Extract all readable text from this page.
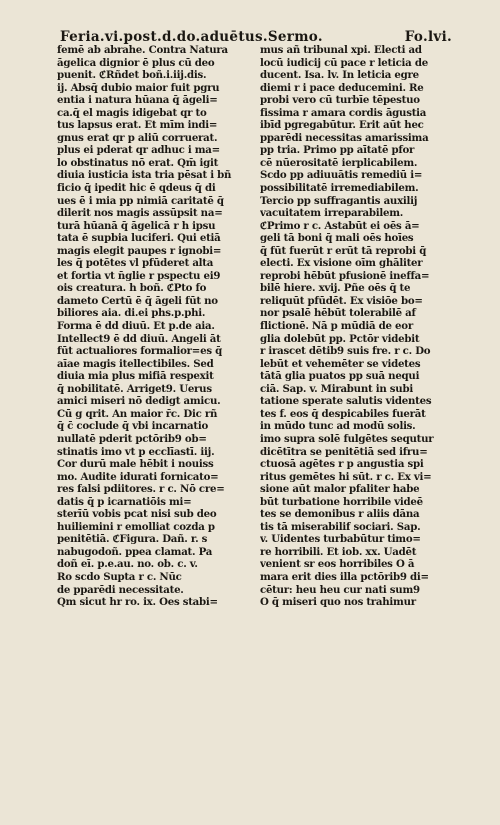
Feria.vi.post.d.do.aduētus.Sermo.	Fo.lvi.
femē ab abrahe. Contra Natura
āgelica dignior ē plus cū deo
puenit. ℭRñdet boñ.i.iij.dis.
ij. Absq̄ dubio maior fuit pgru
entia i natura hūana q̄ āgeli=
ca.q̄ el magis idigebat qr to
tus lapsus erat. Et mīm indi=
gnus erat qr p aliū corruerat.
plus ei pderat qr adhuc i ma=
lo obstinatus nō erat. Qm̄ igit
diuia iusticia ista tria pēsat i bñ
ficio q̄ ipedit hic ē qdeus q̄ di
ues ē i mia pp nimiā caritatē q̄
dilerit nos magis assūpsit na=
turā hūanā q̄ āgelicā r h ipsu
tata ē supbia luciferi. Qui etiā
magis elegit paupes r ignobi=
les q̄ potētes vl pfūderet alta
et fortia vt n̄glie r pspectu ei9
ois creatura. h boñ. ℭPto fo
dameto Certū ē q̄ āgeli fūt no
biliores aia. di.ei phs.p.phi.
Forma ē dd diuū. Et p.de aia.
Intellect9 ē dd diuū. Angeli āt
fūt actualiores formalior=es q̄
aīae magis itellectibiles. Sed
diuia mia plus mifiā respexit
q̄ nobilitatē. Arriget9. Uerus
amici miseri nō dedigt amicu.
Cū g qrit. An maior r̄c. Dic rñ
q̄ c̄ coclude q̄ vbi incarnatio
nullatē pderit pctōrib9 ob=
stinatis imo vt p ecclīastī. iij.
Cor durū male hēbit i nouiss
mo. Audite idurati fornicato=
res falsi pdiitores. r c. Nō cre=
datis q̄ p icarnatiōis mi=
sterīū vobis pcat nisi sub deo
huiliemini r emolliat cozda p
penitētiā. ℭFigura. Dañ. r. s
nabugodoñ. ppea clamat. Pa
doñ eī. p.e.au. no. ob. c. v.
Ro scdo Supta r c. Nūc
de pparēdi necessitate.
Qm sicut hr ro. ix. Oes stabi=
mus añ tribunal xpi. Electi ad
locū iudicij cū pace r leticia de
ducent. Isa. lv. In leticia egre
diemi r i pace deducemini. Re
probi vero cū turbīe tēpestuo
fissima r amara cordis āgustia
ibīd pgregabūtur. Erit aūt hec
pparēdi necessitas amarissima
pp tria. Primo pp aītatē pfor
cē nūerositatē ierplicabilem.
Scdo pp adiuuātis remediū i=
possibilitatē irremediabilem.
Tercio pp suffragantis auxilij
vacuitatem irreparabilem.
ℭPrimo r c. Astabūt ei oēs ā=
geli tā boni q̄ mali oēs hoīes
q̄ fūt fuerūt r erūt tā reprobi q̄
electi. Ex visione oīm ghāliter
reprobi hēbūt pfusionē ineffa=
bilē hiere. xvij. Pñe oēs q̄ te
reliquūt pfūdēt. Ex visiōe bo=
nor psalē hēbūt tolerabilē af
flictionē. Nā p mūdiā de eor
glia dolebūt pp. Pctōr videbit
r irascet dētib9 suis fre. r c. Do
lebūt et vehemēter se videtes
tātā glia puatos pp suā nequi
ciā. Sap. v. Mirabunt in subi
tatione sperate salutis videntes
tes f. eos q̄ despicabiles fuerāt
in mūdo tunc ad modū solis.
imo supra solē fulgētes sequtur
dicētītra se penitētiā sed ifru=
ctuosā agētes r p angustia spi
ritus gemētes hi sūt. r c. Ex vi=
sione aūt malor pfaliter habe
būt turbatione horribile videē
tes se demonibus r aliis dāna
tis tā miserabilif sociari. Sap.
v. Uidentes turbabūtur timo=
re horribili. Et iob. xx. Uadēt
venient sr eos horribiles O ā
mara erit dies illa pctōrib9 di=
cētur: heu heu cur nati sum9
O q̄ miseri quo nos trahimur
